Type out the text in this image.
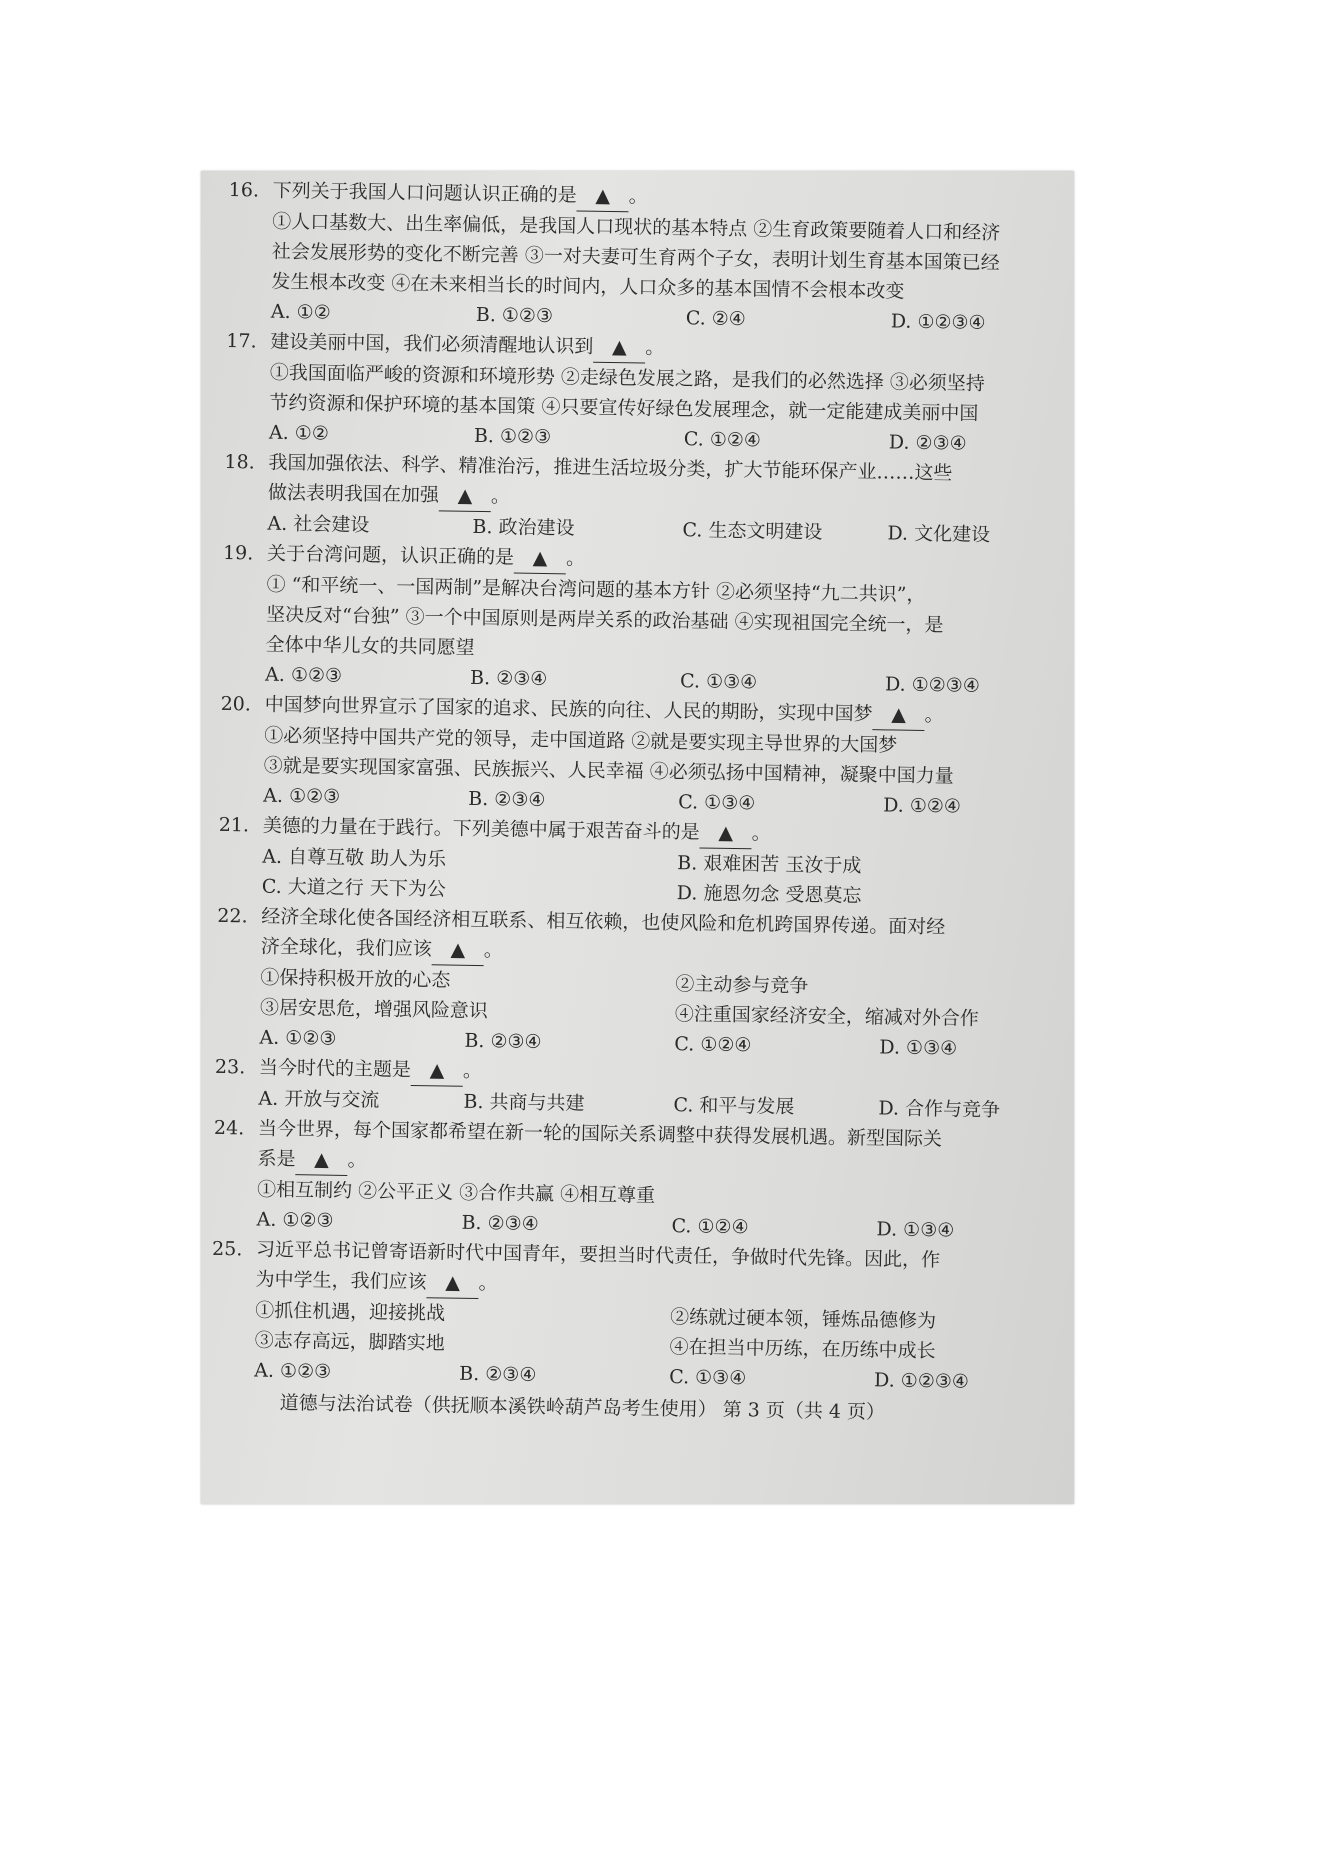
16. 下列关于我国人口问题认识正确的是 ▲ 。
①人口基数大、出生率偏低，是我国人口现状的基本特点 ②生育政策要随着人口和经济
社会发展形势的变化不断完善 ③一对夫妻可生育两个子女，表明计划生育基本国策已经
发生根本改变 ④在未来相当长的时间内，人口众多的基本国情不会根本改变
A. ①②	B. ①②③	C. ②④	D. ①②③④
17. 建设美丽中国，我们必须清醒地认识到 ▲ 。
①我国面临严峻的资源和环境形势 ②走绿色发展之路，是我们的必然选择 ③必须坚持
节约资源和保护环境的基本国策 ④只要宣传好绿色发展理念，就一定能建成美丽中国
A. ①②	B. ①②③	C. ①②④	D. ②③④
18. 我国加强依法、科学、精准治污，推进生活垃圾分类，扩大节能环保产业……这些
做法表明我国在加强 ▲ 。
A. 社会建设	B. 政治建设	C. 生态文明建设	D. 文化建设
19. 关于台湾问题，认识正确的是 ▲ 。
① “和平统一、一国两制”是解决台湾问题的基本方针 ②必须坚持“九二共识”，
坚决反对“台独” ③一个中国原则是两岸关系的政治基础 ④实现祖国完全统一，是
全体中华儿女的共同愿望
A. ①②③	B. ②③④	C. ①③④	D. ①②③④
20. 中国梦向世界宣示了国家的追求、民族的向往、人民的期盼，实现中国梦 ▲ 。
①必须坚持中国共产党的领导，走中国道路 ②就是要实现主导世界的大国梦
③就是要实现国家富强、民族振兴、人民幸福 ④必须弘扬中国精神，凝聚中国力量
A. ①②③	B. ②③④	C. ①③④	D. ①②④
21. 美德的力量在于践行。下列美德中属于艰苦奋斗的是 ▲ 。
A. 自尊互敬 助人为乐	B. 艰难困苦 玉汝于成
C. 大道之行 天下为公	D. 施恩勿念 受恩莫忘
22. 经济全球化使各国经济相互联系、相互依赖，也使风险和危机跨国界传递。面对经
济全球化，我们应该 ▲ 。
①保持积极开放的心态	②主动参与竞争
③居安思危，增强风险意识	④注重国家经济安全，缩减对外合作
A. ①②③	B. ②③④	C. ①②④	D. ①③④
23. 当今时代的主题是 ▲ 。
A. 开放与交流	B. 共商与共建	C. 和平与发展	D. 合作与竞争
24. 当今世界，每个国家都希望在新一轮的国际关系调整中获得发展机遇。新型国际关
系是 ▲ 。
①相互制约 ②公平正义 ③合作共赢 ④相互尊重
A. ①②③	B. ②③④	C. ①②④	D. ①③④
25. 习近平总书记曾寄语新时代中国青年，要担当时代责任，争做时代先锋。因此，作
为中学生，我们应该 ▲ 。
①抓住机遇，迎接挑战	②练就过硬本领，锤炼品德修为
③志存高远，脚踏实地	④在担当中历练，在历练中成长
A. ①②③	B. ②③④	C. ①③④	D. ①②③④
道德与法治试卷（供抚顺本溪铁岭葫芦岛考生使用） 第 3 页（共 4 页）
